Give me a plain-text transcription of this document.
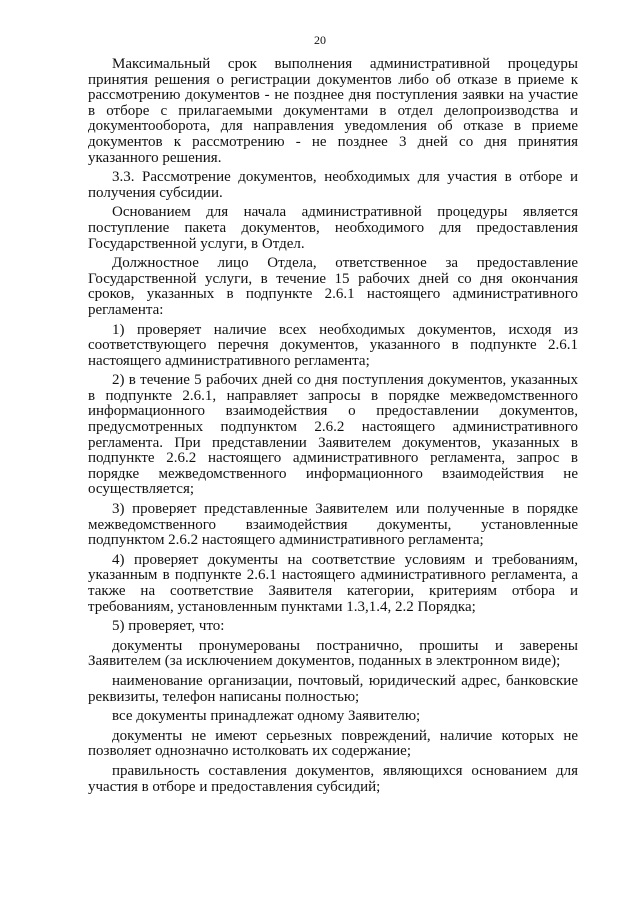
20

Максимальный срок выполнения административной процедуры принятия решения о регистрации документов либо об отказе в приеме к рассмотрению документов - не позднее дня поступления заявки на участие в отборе с прилагаемыми документами в отдел делопроизводства и документооборота, для направления уведомления об отказе в приеме документов к рассмотрению - не позднее 3 дней со дня принятия указанного решения.

3.3. Рассмотрение документов, необходимых для участия в отборе и получения субсидии.

Основанием для начала административной процедуры является поступление пакета документов, необходимого для предоставления Государственной услуги, в Отдел.

Должностное лицо Отдела, ответственное за предоставление Государственной услуги, в течение 15 рабочих дней со дня окончания сроков, указанных в подпункте 2.6.1 настоящего административного регламента:

1) проверяет наличие всех необходимых документов, исходя из соответствующего перечня документов, указанного в подпункте 2.6.1 настоящего административного регламента;

2) в течение 5 рабочих дней со дня поступления документов, указанных в подпункте 2.6.1, направляет запросы в порядке межведомственного информационного взаимодействия о предоставлении документов, предусмотренных подпунктом 2.6.2 настоящего административного регламента. При представлении Заявителем документов, указанных в подпункте 2.6.2 настоящего административного регламента, запрос в порядке межведомственного информационного взаимодействия не осуществляется;

3) проверяет представленные Заявителем или полученные в порядке межведомственного взаимодействия документы, установленные подпунктом 2.6.2 настоящего административного регламента;

4) проверяет документы на соответствие условиям и требованиям, указанным в подпункте 2.6.1 настоящего административного регламента, а также на соответствие Заявителя категории, критериям отбора и требованиям, установленным пунктами 1.3,1.4, 2.2 Порядка;

5) проверяет, что:

документы пронумерованы постранично, прошиты и заверены Заявителем (за исключением документов, поданных в электронном виде);

наименование организации, почтовый, юридический адрес, банковские реквизиты, телефон написаны полностью;

все документы принадлежат одному Заявителю;

документы не имеют серьезных повреждений, наличие которых не позволяет однозначно истолковать их содержание;

правильность составления документов, являющихся основанием для участия в отборе и предоставления субсидий;
